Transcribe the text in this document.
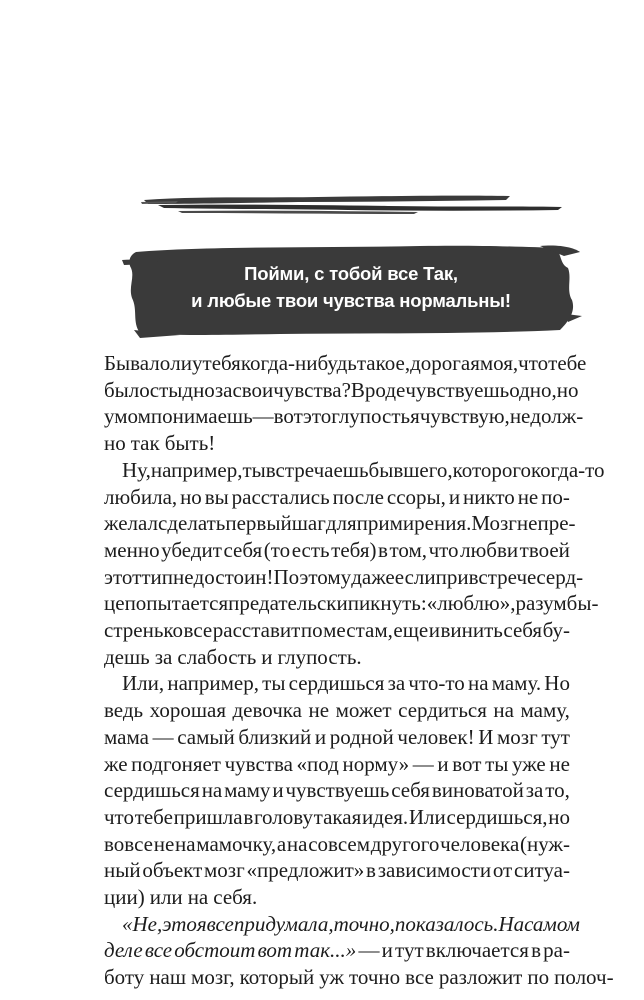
Пойми, с тобой все Так,
и любые твои чувства нормальны!
Бывало ли у тебя когда-нибудь такое, дорогая моя, что тебе
было стыдно за свои чувства? Вроде чувствуешь одно, но
умом понимаешь — вот это глупость я чувствую, не долж-
но так быть!
Ну, например, ты встречаешь бывшего, которого когда-то
любила, но вы расстались после ссоры, и никто не по-
желал сделать первый шаг для примирения. Мозг непре-
менно убедит себя (то есть тебя) в том, что любви твоей
этот тип не достоин! Поэтому даже если при встрече серд-
це попытается предательски пикнуть: «люблю», разум бы-
стренько все расставит по местам, еще и винить себя бу-
дешь за слабость и глупость.
Или, например, ты сердишься за что-то на маму. Но
ведь хорошая девочка не может сердиться на маму,
мама — самый близкий и родной человек! И мозг тут
же подгоняет чувства «под норму» — и вот ты уже не
сердишься на маму и чувствуешь себя виноватой за то,
что тебе пришла в голову такая идея. Или сердишься, но
вовсе не на мамочку, а на совсем другого человека (нуж-
ный объект мозг «предложит» в зависимости от ситуа-
ции) или на себя.
«Не, это я все придумала, точно, показалось. На самом
деле все обстоит вот так...» — и тут включается в ра-
боту наш мозг, который уж точно все разложит по полоч-
